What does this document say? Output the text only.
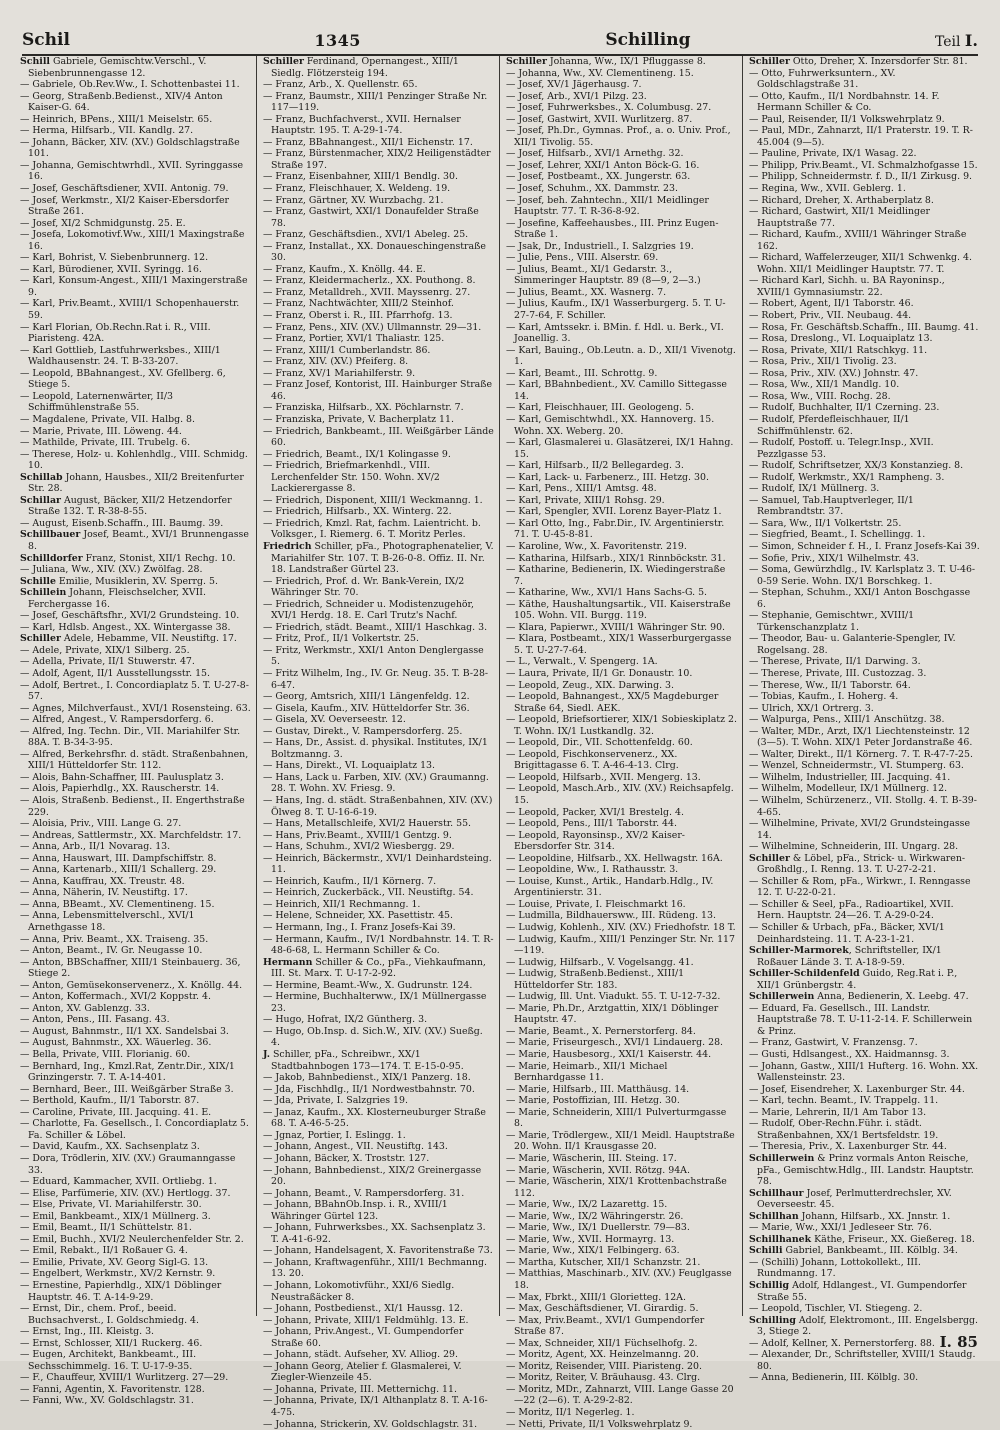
Schil	1345	Schilling	Teil I.

Schill Gabriele, Gemischtw.Verschl., V. Siebenbrunnengasse 12.

— Gabriele, Ob.Rev.Ww., I. Schottenbastei 11.

— Georg, Straßenb.Bedienst., XIV/4 Anton Kaiser-G. 64.

— Heinrich, BPens., XIII/1 Meiselstr. 65.

— Herma, Hilfsarb., VII. Kandlg. 27.

— Johann, Bäcker, XIV. (XV.) Goldschlagstraße 101.

— Johanna, Gemischtwrhdl., XVII. Syringgasse 16.

— Josef, Geschäftsdiener, XVII. Antonig. 79.

— Josef, Werkmstr., XI/2 Kaiser-Ebersdorfer Straße 261.

— Josef, XI/2 Schmidgunstg. 25. E.

— Josefa, Lokomotivf.Ww., XIII/1 Maxingstraße 16.

— Karl, Bohrist, V. Siebenbrunnerg. 12.

— Karl, Bürodiener, XVII. Syringg. 16.

— Karl, Konsum-Angest., XIII/1 Maxingerstraße 9.

— Karl, Priv.Beamt., XVIII/1 Schopenhauerstr. 59.

— Karl Florian, Ob.Rechn.Rat i. R., VIII. Piaristeng. 42A.

— Karl Gottlieb, Lastfuhrwerksbes., XIII/1 Waldhausenstr. 24. T. B-33-207.

— Leopold, BBahnangest., XV. Gfellberg. 6, Stiege 5.

— Leopold, Laternenwärter, II/3 Schiffmühlenstraße 55.

— Magdalene, Private, VII. Halbg. 8.

— Marie, Private, III. Löweng. 44.

— Mathilde, Private, III. Trubelg. 6.

— Therese, Holz- u. Kohlenhdlg., VIII. Schmidg. 10.

Schillab Johann, Hausbes., XII/2 Breitenfurter Str. 28.

Schillar August, Bäcker, XII/2 Hetzendorfer Straße 132. T. R-38-8-55.

— August, Eisenb.Schaffn., III. Baumg. 39.

Schillbauer Josef, Beamt., XVI/1 Brunnengasse 8.

Schilldorfer Franz, Stonist, XII/1 Rechg. 10.

— Juliana, Ww., XIV. (XV.) Zwölfag. 28.

Schille Emilie, Musiklerin, XV. Sperrg. 5.

Schillein Johann, Fleischselcher, XVII. Ferchergasse 16.

— Josef, Geschäftsfhr., XVI/2 Grundsteing. 10.

— Karl, Hdlsb. Angest., XX. Wintergasse 38.

Schiller Adele, Hebamme, VII. Neustiftg. 17.

— Adele, Private, XIX/1 Silberg. 25.

— Adella, Private, II/1 Stuwerstr. 47.

— Adolf, Agent, II/1 Ausstellungsstr. 15.

— Adolf, Bertret., I. Concordiaplatz 5. T. U-27-8-57.

— Agnes, Milchverfaust., XVI/1 Rosensteing. 63.

— Alfred, Angest., V. Rampersdorferg. 6.

— Alfred, Ing. Techn. Dir., VII. Mariahilfer Str. 88A. T. B-34-3-95.

— Alfred, Berkehrsfhr. d. städt. Straßenbahnen, XIII/1 Hütteldorfer Str. 112.

— Alois, Bahn-Schaffner, III. Paulusplatz 3.

— Alois, Papierhdlg., XX. Rauscherstr. 14.

— Alois, Straßenb. Bedienst., II. Engerthstraße 229.

— Aloisia, Priv., VIII. Lange G. 27.

— Andreas, Sattlermstr., XX. Marchfeldstr. 17.

— Anna, Arb., II/1 Novarag. 13.

— Anna, Hauswart, III. Dampfschiffstr. 8.

— Anna, Kartenarb., XIII/1 Schallerg. 29.

— Anna, Kauffrau, XX. Treustr. 48.

— Anna, Näherin, IV. Neustiftg. 17.

— Anna, BBeamt., XV. Clementineng. 15.

— Anna, Lebensmittelverschl., XVI/1 Arnethgasse 18.

— Anna, Priv. Beamt., XX. Traiseng. 35.

— Anton, Beamt., IV. Gr. Neugasse 10.

— Anton, BBSchaffner, XIII/1 Steinbauerg. 36, Stiege 2.

— Anton, Gemüsekonservenerz., X. Knöllg. 44.

— Anton, Koffermach., XVI/2 Koppstr. 4.

— Anton, XV. Gablenzg. 33.

— Anton, Pens., III. Fasang. 43.

— August, Bahnmstr., II/1 XX. Sandelsbai 3.

— August, Bahnmstr., XX. Wäuerleg. 36.

— Bella, Private, VIII. Florianig. 60.

— Bernhard, Ing., Kmzl.Rat, Zentr.Dir., XIX/1 Grinzingerstr. 7. T. A-14-401.

— Bernhard, Beer., III. Weißgärber Straße 3.

— Berthold, Kaufm., II/1 Taborstr. 87.

— Caroline, Private, III. Jacquing. 41. E.

— Charlotte, Fa. Gesellsch., I. Concordiaplatz 5. Fa. Schiller & Löbel.

— David, Kaufm., XX. Sachsenplatz 3.

— Dora, Trödlerin, XIV. (XV.) Graumanngasse 33.

— Eduard, Kammacher, XVII. Ortliebg. 1.

— Elise, Parfümerie, XIV. (XV.) Hertlogg. 37.

— Else, Private, VI. Mariahilferstr. 30.

— Emil, Bankbeamt., XIX/1 Müllnerg. 3.

— Emil, Beamt., II/1 Schüttelstr. 81.

— Emil, Buchh., XVI/2 Neulerchenfelder Str. 2.

— Emil, Rebakt., II/1 Roßauer G. 4.

— Emilie, Private, XV. Georg Sigl-G. 13.

— Engelbert, Werkmstr., XV/2 Kernstr. 9.

— Ernestine, Papierhdlg., XIX/1 Döblinger Hauptstr. 46. T. A-14-9-29.

— Ernst, Dir., chem. Prof., beeid. Buchsachverst., I. Goldschmiedg. 4.

— Ernst, Ing., III. Kleistg. 3.

— Ernst, Schlosser, XII/1 Ruckerg. 46.

— Eugen, Architekt, Bankbeamt., III. Sechsschimmelg. 16. T. U-17-9-35.

— F., Chauffeur, XVIII/1 Wurlitzerg. 27—29.

— Fanni, Agentin, X. Favoritenstr. 128.

— Fanni, Ww., XV. Goldschlagstr. 31.

Schiller Ferdinand, Opernangest., XIII/1 Siedlg. Flötzersteig 194.

— Franz, Arb., X. Quellenstr. 65.

— Franz, Baumstr., XIII/1 Penzinger Straße Nr. 117—119.

— Franz, Buchfachverst., XVII. Hernalser Hauptstr. 195. T. A-29-1-74.

— Franz, BBahnangest., XII/1 Eichenstr. 17.

— Franz, Bürstenmacher, XIX/2 Heiligenstädter Straße 197.

— Franz, Eisenbahner, XIII/1 Bendlg. 30.

— Franz, Fleischhauer, X. Weldeng. 19.

— Franz, Gärtner, XV. Wurzbachg. 21.

— Franz, Gastwirt, XXI/1 Donaufelder Straße 78.

— Franz, Geschäftsdien., XVI/1 Abeleg. 25.

— Franz, Installat., XX. Donaueschingenstraße 30.

— Franz, Kaufm., X. Knöllg. 44. E.

— Franz, Kleidermacherlz., XX. Pouthong. 8.

— Franz, Metalldreh., XVII. Mayssenrg. 27.

— Franz, Nachtwächter, XIII/2 Steinhof.

— Franz, Oberst i. R., III. Pfarrhofg. 13.

— Franz, Pens., XIV. (XV.) Ullmannstr. 29—31.

— Franz, Portier, XVI/1 Thaliastr. 125.

— Franz, XIII/1 Cumberlandstr. 86.

— Franz, XIV. (XV.) Pfeiferg. 8.

— Franz, XV/1 Mariahilferstr. 9.

— Franz Josef, Kontorist, III. Hainburger Straße 46.

— Franziska, Hilfsarb., XX. Pöchlarnstr. 7.

— Franziska, Private, V. Bacherplatz 11.

— Friedrich, Bankbeamt., III. Weißgärber Lände 60.

— Friedrich, Beamt., IX/1 Kolingasse 9.

— Friedrich, Briefmarkenhdl., VIII. Lerchenfelder Str. 150. Wohn. XV/2 Lackierergasse 8.

— Friedrich, Disponent, XIII/1 Weckmanng. 1.

— Friedrich, Hilfsarb., XX. Winterg. 22.

— Friedrich, Kmzl. Rat, fachm. Laientricht. b. Volksger., I. Riemerg. 6. T. Moritz Perles.

Friedrich Schiller, pFa., Photographenatelier, V. Mariahilfer Str. 107. T. B-26-0-8. Offiz. II. Nr. 18. Landstraßer Gürtel 23.

— Friedrich, Prof. d. Wr. Bank-Verein, IX/2 Währinger Str. 70.

— Friedrich, Schneider u. Modistenzugehör, XVI/1 Herdg. 18. E. Carl Trutz's Nachf.

— Friedrich, städt. Beamt., XIII/1 Haschkag. 3.

— Fritz, Prof., II/1 Volkertstr. 25.

— Fritz, Werkmstr., XXI/1 Anton Denglergasse 5.

— Fritz Wilhelm, Ing., IV. Gr. Neug. 35. T. B-28-6-47.

— Georg, Amtsrich, XIII/1 Längenfeldg. 12.

— Gisela, Kaufm., XIV. Hütteldorfer Str. 36.

— Gisela, XV. Oeverseestr. 12.

— Gustav, Direkt., V. Rampersdorferg. 25.

— Hans, Dr., Assist. d. physikal. Institutes, IX/1 Boltzmanng. 3.

— Hans, Direkt., VI. Loquaiplatz 13.

— Hans, Lack u. Farben, XIV. (XV.) Graumanng. 28. T. Wohn. XV. Friesg. 9.

— Hans, Ing. d. städt. Straßenbahnen, XIV. (XV.) Ölweg 8. T. U-16-6-19.

— Hans, Metallschleife, XVI/2 Hauerstr. 55.

— Hans, Priv.Beamt., XVIII/1 Gentzg. 9.

— Hans, Schuhm., XVI/2 Wiesbergg. 29.

— Heinrich, Bäckermstr., XVI/1 Deinhardsteing. 11.

— Heinrich, Kaufm., II/1 Körnerg. 7.

— Heinrich, Zuckerbäck., VII. Neustiftg. 54.

— Heinrich, XII/1 Rechmanng. 1.

— Helene, Schneider, XX. Pasettistr. 45.

— Hermann, Ing., I. Franz Josefs-Kai 39.

— Hermann, Kaufm., IV/1 Nordbahnstr. 14. T. R-48-6-68, L. Hermann Schiller & Co.

Hermann Schiller & Co., pFa., Viehkaufmann, III. St. Marx. T. U-17-2-92.

— Hermine, Beamt.-Ww., X. Gudrunstr. 124.

— Hermine, Buchhalterww., IX/1 Müllnergasse 23.

— Hugo, Hofrat, IX/2 Güntherg. 3.

— Hugo, Ob.Insp. d. Sich.W., XIV. (XV.) Sueßg. 4.

J. Schiller, pFa., Schreibwr., XX/1 Stadtbahnbogen 173—174. T. E-15-0-95.

— Jakob, Bahnbedienst., XIX/1 Panzerg. 18.

— Jda, Fischhdlg., II/1 Nordwestbahnstr. 70.

— Jda, Private, I. Salzgries 19.

— Janaz, Kaufm., XX. Klosterneuburger Straße 68. T. A-46-5-25.

— Jgnaz, Portier, I. Eslingg. 1.

— Johann, Angest., VII. Neustiftg. 143.

— Johann, Bäcker, X. Troststr. 127.

— Johann, Bahnbedienst., XIX/2 Greinergasse 20.

— Johann, Beamt., V. Rampersdorferg. 31.

— Johann, BBahnOb.Insp. i. R., XVIII/1 Währinger Gürtel 123.

— Johann, Fuhrwerksbes., XX. Sachsenplatz 3. T. A-41-6-92.

— Johann, Handelsagent, X. Favoritenstraße 73.

— Johann, Kraftwagenführ., XIII/1 Bechmanng. 13. 20.

— Johann, Lokomotivführ., XXI/6 Siedlg. Neustraßäcker 8.

— Johann, Postbedienst., XI/1 Haussg. 12.

— Johann, Private, XIII/1 Feldmühlg. 13. E.

— Johann, Priv.Angest., VI. Gumpendorfer Straße 60.

— Johann, städt. Aufseher, XV. Alliog. 29.

— Johann Georg, Atelier f. Glasmalerei, V. Ziegler-Wienzeile 45.

— Johanna, Private, III. Metternichg. 11.

— Johanna, Private, IX/1 Althanplatz 8. T. A-16-4-75.

— Johanna, Strickerin, XV. Goldschlagstr. 31.

Schiller Johanna, Ww., IX/1 Pfluggasse 8.

— Johanna, Ww., XV. Clementineng. 15.

— Josef, XV/1 Jägerhausg. 7.

— Josef, Arb., XVI/1 Pilzg. 23.

— Josef, Fuhrwerksbes., X. Columbusg. 27.

— Josef, Gastwirt, XVII. Wurlitzerg. 87.

— Josef, Ph.Dr., Gymnas. Prof., a. o. Univ. Prof., XII/1 Tivolig. 55.

— Josef, Hilfsarb., XVI/1 Arnethg. 32.

— Josef, Lehrer, XXI/1 Anton Böck-G. 16.

— Josef, Postbeamt., XX. Jungerstr. 63.

— Josef, Schuhm., XX. Dammstr. 23.

— Josef, beh. Zahntechn., XII/1 Meidlinger Hauptstr. 77. T. R-36-8-92.

— Josefine, Kaffeehausbes., III. Prinz Eugen-Straße 1.

— Jsak, Dr., Industriell., I. Salzgries 19.

— Julie, Pens., VIII. Alserstr. 69.

— Julius, Beamt., XI/1 Gedarstr. 3., Simmeringer Hauptstr. 89 (8—9, 2—3.)

— Julius, Beamt., XX. Wasnerg. 7.

— Julius, Kaufm., IX/1 Wasserburgerg. 5. T. U-27-7-64, F. Schiller.

— Karl, Amtssekr. i. BMin. f. Hdl. u. Berk., VI. Joanellig. 3.

— Karl, Bauing., Ob.Leutn. a. D., XII/1 Vivenotg. 1.

— Karl, Beamt., III. Schrottg. 9.

— Karl, BBahnbedient., XV. Camillo Sittegasse 14.

— Karl, Fleischhauer, III. Geologeng. 5.

— Karl, Gemischtwhdl., XX. Hannoverg. 15. Wohn. XX. Weberg. 20.

— Karl, Glasmalerei u. Glasätzerei, IX/1 Hahng. 15.

— Karl, Hilfsarb., II/2 Bellegardeg. 3.

— Karl, Lack- u. Farbenerz., III. Hetzg. 30.

— Karl, Pens., XIII/1 Amtsg. 48.

— Karl, Private, XIII/1 Rohsg. 29.

— Karl, Spengler, XVII. Lorenz Bayer-Platz 1.

— Karl Otto, Ing., Fabr.Dir., IV. Argentinierstr. 71. T. U-45-8-81.

— Karoline, Ww., X. Favoritenstr. 219.

— Katharina, Hilfsarb., XIX/1 Rinnböckstr. 31.

— Katharine, Bedienerin, IX. Wiedingerstraße 7.

— Katharine, Ww., XVI/1 Hans Sachs-G. 5.

— Käthe, Haushaltungsartik., VII. Kaiserstraße 105. Wohn. VII. Burgg. 119.

— Klara, Papierwr., XVIII/1 Währinger Str. 90.

— Klara, Postbeamt., XIX/1 Wasserburgergasse 5. T. U-27-7-64.

— L., Verwalt., V. Spengerg. 1A.

— Laura, Private, II/1 Gr. Donaustr. 10.

— Leopold, Zeug., XIX. Darwing. 3.

— Leopold, Bahnangest., XX/5 Magdeburger Straße 64, Siedl. AEK.

— Leopold, Briefsortierer, XIX/1 Sobieskiplatz 2. T. Wohn. IX/1 Lustkandlg. 32.

— Leopold, Dir., VII. Schottenfeldg. 60.

— Leopold, Fischkonservenerz., XX. Brigittagasse 6. T. A-46-4-13. Clrg.

— Leopold, Hilfsarb., XVII. Mengerg. 13.

— Leopold, Masch.Arb., XIV. (XV.) Reichsapfelg. 15.

— Leopold, Packer, XVI/1 Brestelg. 4.

— Leopold, Pens., III/1 Taborstr. 44.

— Leopold, Rayonsinsp., XV/2 Kaiser-Ebersdorfer Str. 314.

— Leopoldine, Hilfsarb., XX. Hellwagstr. 16A.

— Leopoldine, Ww., I. Rathausstr. 3.

— Louise, Kunst., Artik., Handarb.Hdlg., IV. Argentinierstr. 31.

— Louise, Private, I. Fleischmarkt 16.

— Ludmilla, Bildhauersww., III. Rüdeng. 13.

— Ludwig, Kohlenh., XIV. (XV.) Friedhofstr. 18 T.

— Ludwig, Kaufm., XIII/1 Penzinger Str. Nr. 117—119.

— Ludwig, Hilfsarb., V. Vogelsangg. 41.

— Ludwig, Straßenb.Bedienst., XIII/1 Hütteldorfer Str. 183.

— Ludwig, Ill. Unt. Viadukt. 55. T. U-12-7-32.

— Marie, Ph.Dr., Arztgattin, XIX/1 Döblinger Hauptstr. 47.

— Marie, Beamt., X. Pernerstorferg. 84.

— Marie, Friseurgesch., XVI/1 Lindauerg. 28.

— Marie, Hausbesorg., XXI/1 Kaiserstr. 44.

— Marie, Heimarb., XII/1 Michael Bernhardgasse 11.

— Marie, Hilfsarb., III. Matthäusg. 14.

— Marie, Postoffizian, III. Hetzg. 30.

— Marie, Schneiderin, XIII/1 Pulverturmgasse 8.

— Marie, Trödlergew., XII/1 Meidl. Hauptstraße 20. Wohn. II/1 Krausgasse 20.

— Marie, Wäscherin, III. Steing. 17.

— Marie, Wäscherin, XVII. Rötzg. 94A.

— Marie, Wäscherin, XIX/1 Krottenbachstraße 112.

— Marie, Ww., IX/2 Lazarettg. 15.

— Marie, Ww., IX/2 Währingerstr. 26.

— Marie, Ww., IX/1 Duellerstr. 79—83.

— Marie, Ww., XVII. Hormayrg. 13.

— Marie, Ww., XIX/1 Felbingerg. 63.

— Martha, Kutscher, XII/1 Schanzstr. 21.

— Matthias, Maschinarb., XIV. (XV.) Feuglgasse 18.

— Max, Fbrkt., XIII/1 Glorietteg. 12A.

— Max, Geschäftsdiener, VI. Girardig. 5.

— Max, Priv.Beamt., XVI/1 Gumpendorfer Straße 87.

— Max, Schneider, XII/1 Füchselhofg. 2.

— Moritz, Agent, XX. Heinzelmanng. 20.

— Moritz, Reisender, VIII. Piaristeng. 20.

— Moritz, Reiter, V. Bräuhausg. 43. Clrg.

— Moritz, MDr., Zahnarzt, VIII. Lange Gasse 20—22 (2—6). T. A-29-2-82.

— Moritz, II/1 Negerleg. 1.

— Netti, Private, II/1 Volkswehrplatz 9.

Schiller Otto, Dreher, X. Inzersdorfer Str. 81.

— Otto, Fuhrwerksuntern., XV. Goldschlagstraße 31.

— Otto, Kaufm., II/1 Nordbahnstr. 14. F. Hermann Schiller & Co.

— Paul, Reisender, II/1 Volkswehrplatz 9.

— Paul, MDr., Zahnarzt, II/1 Praterstr. 19. T. R-45.004 (9—5).

— Pauline, Private, IX/1 Wasag. 22.

— Philipp, Priv.Beamt., VI. Schmalzhofgasse 15.

— Philipp, Schneidermstr. f. D., II/1 Zirkusg. 9.

— Regina, Ww., XVII. Geblerg. 1.

— Richard, Dreher, X. Arthaberplatz 8.

— Richard, Gastwirt, XII/1 Meidlinger Hauptstraße 77.

— Richard, Kaufm., XVIII/1 Währinger Straße 162.

— Richard, Waffelerzeuger, XII/1 Schwenkg. 4. Wohn. XII/1 Meidlinger Hauptstr. 77. T.

— Richard Karl, Sichh. u. BA Rayoninsp., XVIII/1 Gymnasiumstr. 22.

— Robert, Agent, II/1 Taborstr. 46.

— Robert, Priv., VII. Neubaug. 44.

— Rosa, Fr. Geschäftsb.Schaffn., III. Baumg. 41.

— Rosa, Dreslong., VI. Loquaiplatz 13.

— Rosa, Private, XII/1 Ratschkyg. 11.

— Rosa, Priv., XII/1 Tivolig. 23.

— Rosa, Priv., XIV. (XV.) Johnstr. 47.

— Rosa, Ww., XII/1 Mandlg. 10.

— Rosa, Ww., VIII. Rochg. 28.

— Rudolf, Buchhalter, II/1 Czerning. 23.

— Rudolf, Pferdefleischhauer, II/1 Schiffmühlenstr. 62.

— Rudolf, Postoff. u. Telegr.Insp., XVII. Pezzlgasse 53.

— Rudolf, Schriftsetzer, XX/3 Konstanzieg. 8.

— Rudolf, Werkmstr., XX/1 Rampheng. 3.

— Rudolf, IX/1 Müllnerg. 3.

— Samuel, Tab.Hauptverleger, II/1 Rembrandtstr. 37.

— Sara, Ww., II/1 Volkertstr. 25.

— Siegfried, Beamt., I. Schellingg. 1.

— Simon, Schneider f. H., I. Franz Josefs-Kai 39.

— Sofie, Priv., XIX/1 Wilhelmstr. 43.

— Soma, Gewürzhdlg., IV. Karlsplatz 3. T. U-46-0-59 Serie. Wohn. IX/1 Borschkeg. 1.

— Stephan, Schuhm., XXI/1 Anton Boschgasse 6.

— Stephanie, Gemischtwr., XVIII/1 Türkenschanzplatz 1.

— Theodor, Bau- u. Galanterie-Spengler, IV. Rogelsang. 28.

— Therese, Private, II/1 Darwing. 3.

— Therese, Private, III. Custozzag. 3.

— Therese, Ww., II/1 Taborstr. 64.

— Tobias, Kaufm., I. Hoherg. 4.

— Ulrich, XX/1 Ortrerg. 3.

— Walpurga, Pens., XIII/1 Anschützg. 38.

— Walter, MDr., Arzt, IX/1 Liechtensteinstr. 12 (3—5). T. Wohn. XIX/1 Peter Jordanstraße 46.

— Walter, Direkt., II/1 Körnerg. 7. T. R-47-7-25.

— Wenzel, Schneidermstr., VI. Stumperg. 63.

— Wilhelm, Industrieller, III. Jacquing. 41.

— Wilhelm, Modelleur, IX/1 Müllnerg. 12.

— Wilhelm, Schürzenerz., VII. Stollg. 4. T. B-39-4-65.

— Wilhelmine, Private, XVI/2 Grundsteingasse 14.

— Wilhelmine, Schneiderin, III. Ungarg. 28.

Schiller & Löbel, pFa., Strick- u. Wirkwaren-Großhdlg., I. Renng. 13. T. U-27-2-21.

— Schiller & Rom, pFa., Wirkwr., I. Renngasse 12. T. U-22-0-21.

— Schiller & Seel, pFa., Radioartikel, XVII. Hern. Hauptstr. 24—26. T. A-29-0-24.

— Schiller & Urbach, pFa., Bäcker, XVI/1 Deinhardsteing. 11. T. A-23-1-21.

Schiller-Marmorek, Schriftsteller, IX/1 Roßauer Lände 3. T. A-18-9-59.

Schiller-Schildenfeld Guido, Reg.Rat i. P., XII/1 Grünbergstr. 4.

Schillerwein Anna, Bedienerin, X. Leebg. 47.

— Eduard, Fa. Gesellsch., III. Landstr. Hauptstraße 78. T. U-11-2-14. F. Schillerwein & Prinz.

— Franz, Gastwirt, V. Franzensg. 7.

— Gusti, Hdlsangest., XX. Haidmannsg. 3.

— Johann, Gastw., XIII/1 Hufterg. 16. Wohn. XX. Wallensteinstr. 23.

— Josef, Eisendreher, X. Laxenburger Str. 44.

— Karl, techn. Beamt., IV. Trappelg. 11.

— Marie, Lehrerin, II/1 Am Tabor 13.

— Rudolf, Ober-Rechn.Führ. i. städt. Straßenbahnen, XX/1 Bertsfeldstr. 19.

— Theresia, Priv., X. Laxenburger Str. 44.

Schillerwein & Prinz vormals Anton Reische, pFa., Gemischtw.Hdlg., III. Landstr. Hauptstr. 78.

Schillhaur Josef, Perlmutterdrechsler, XV. Oeverseestr. 45.

Schillhan Johann, Hilfsarb., XX. Jnnstr. 1.

— Marie, Ww., XXI/1 Jedleseer Str. 76.

Schillhanek Käthe, Friseur., XX. Gießereg. 18.

Schilli Gabriel, Bankbeamt., III. Kölblg. 34.

— (Schilli) Johann, Lottokollekt., III. Rundmanng. 17.

Schillig Adolf, Hdlangest., VI. Gumpendorfer Straße 55.

— Leopold, Tischler, VI. Stiegeng. 2.

Schilling Adolf, Elektromont., III. Engelsbergg. 3, Stiege 2.

— Adolf, Kellner, X. Pernerstorferg. 88.

— Alexander, Dr., Schriftsteller, XVIII/1 Staudg. 80.

— Anna, Bedienerin, III. Kölblg. 30.

I. 85
